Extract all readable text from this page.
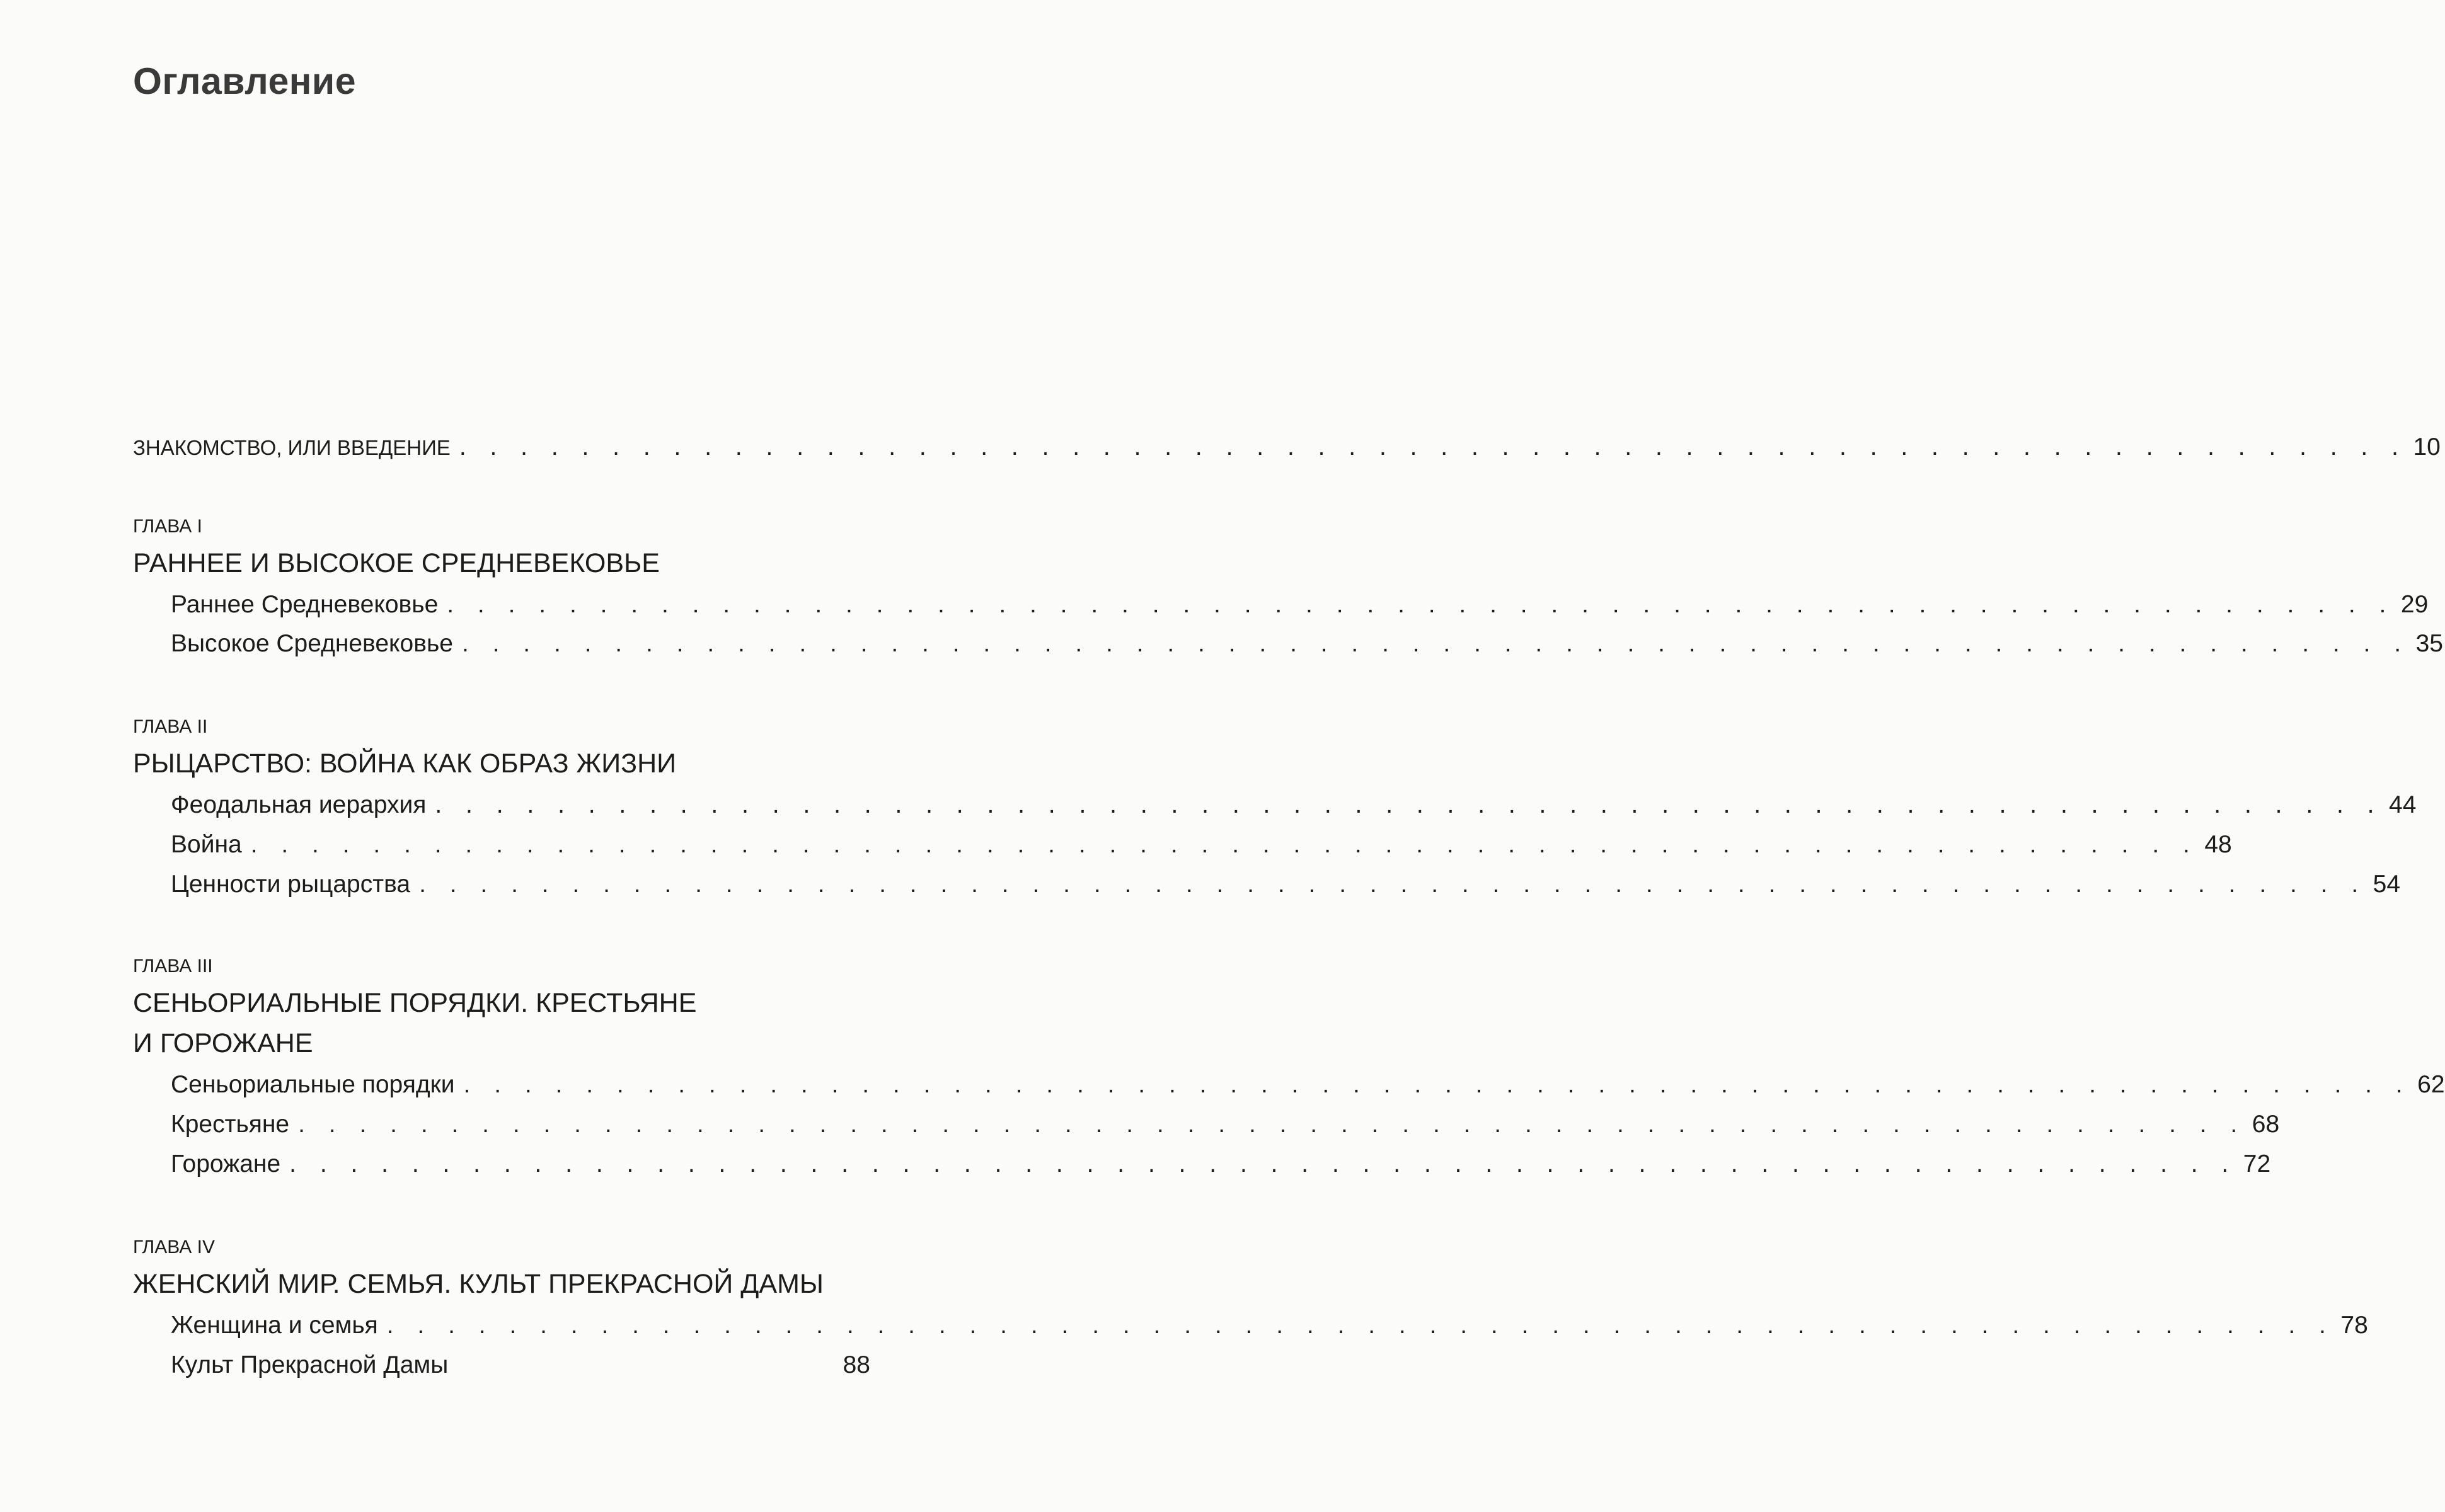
Оглавление
ЗНАКОМСТВО, ИЛИ ВВЕДЕНИЕ . . . . . . . . . . . . . . . . . . . . . . . . . . . . . . . . . . . . . . . . . . . . . . . . . . . . . . . . . . . . . . . . 10
ГЛАВА I
РАННЕЕ И ВЫСОКОЕ СРЕДНЕВЕКОВЬЕ
Раннее Средневековье . . . . . . . . . . . . . . . . . . . . . . . . . . . . . . . . . . . . . . . . . . . . . . . . . . . . . . . . . . . . . . . . 29
Высокое Средневековье . . . . . . . . . . . . . . . . . . . . . . . . . . . . . . . . . . . . . . . . . . . . . . . . . . . . . . . . . . . . . . . . 35
ГЛАВА II
РЫЦАРСТВО: ВОЙНА КАК ОБРАЗ ЖИЗНИ
Феодальная иерархия . . . . . . . . . . . . . . . . . . . . . . . . . . . . . . . . . . . . . . . . . . . . . . . . . . . . . . . . . . . . . . . . 44
Война . . . . . . . . . . . . . . . . . . . . . . . . . . . . . . . . . . . . . . . . . . . . . . . . . . . . . . . . . . . . . . . . 48
Ценности рыцарства . . . . . . . . . . . . . . . . . . . . . . . . . . . . . . . . . . . . . . . . . . . . . . . . . . . . . . . . . . . . . . . . 54
ГЛАВА III
СЕНЬОРИАЛЬНЫЕ ПОРЯДКИ. КРЕСТЬЯНЕ
И ГОРОЖАНЕ
Сеньориальные порядки . . . . . . . . . . . . . . . . . . . . . . . . . . . . . . . . . . . . . . . . . . . . . . . . . . . . . . . . . . . . . . . . 62
Крестьяне . . . . . . . . . . . . . . . . . . . . . . . . . . . . . . . . . . . . . . . . . . . . . . . . . . . . . . . . . . . . . . . . 68
Горожане . . . . . . . . . . . . . . . . . . . . . . . . . . . . . . . . . . . . . . . . . . . . . . . . . . . . . . . . . . . . . . . . 72
ГЛАВА IV
ЖЕНСКИЙ МИР. СЕМЬЯ. КУЛЬТ ПРЕКРАСНОЙ ДАМЫ
Женщина и семья . . . . . . . . . . . . . . . . . . . . . . . . . . . . . . . . . . . . . . . . . . . . . . . . . . . . . . . . . . . . . . . . 78
Культ Прекрасной Дамы	88
